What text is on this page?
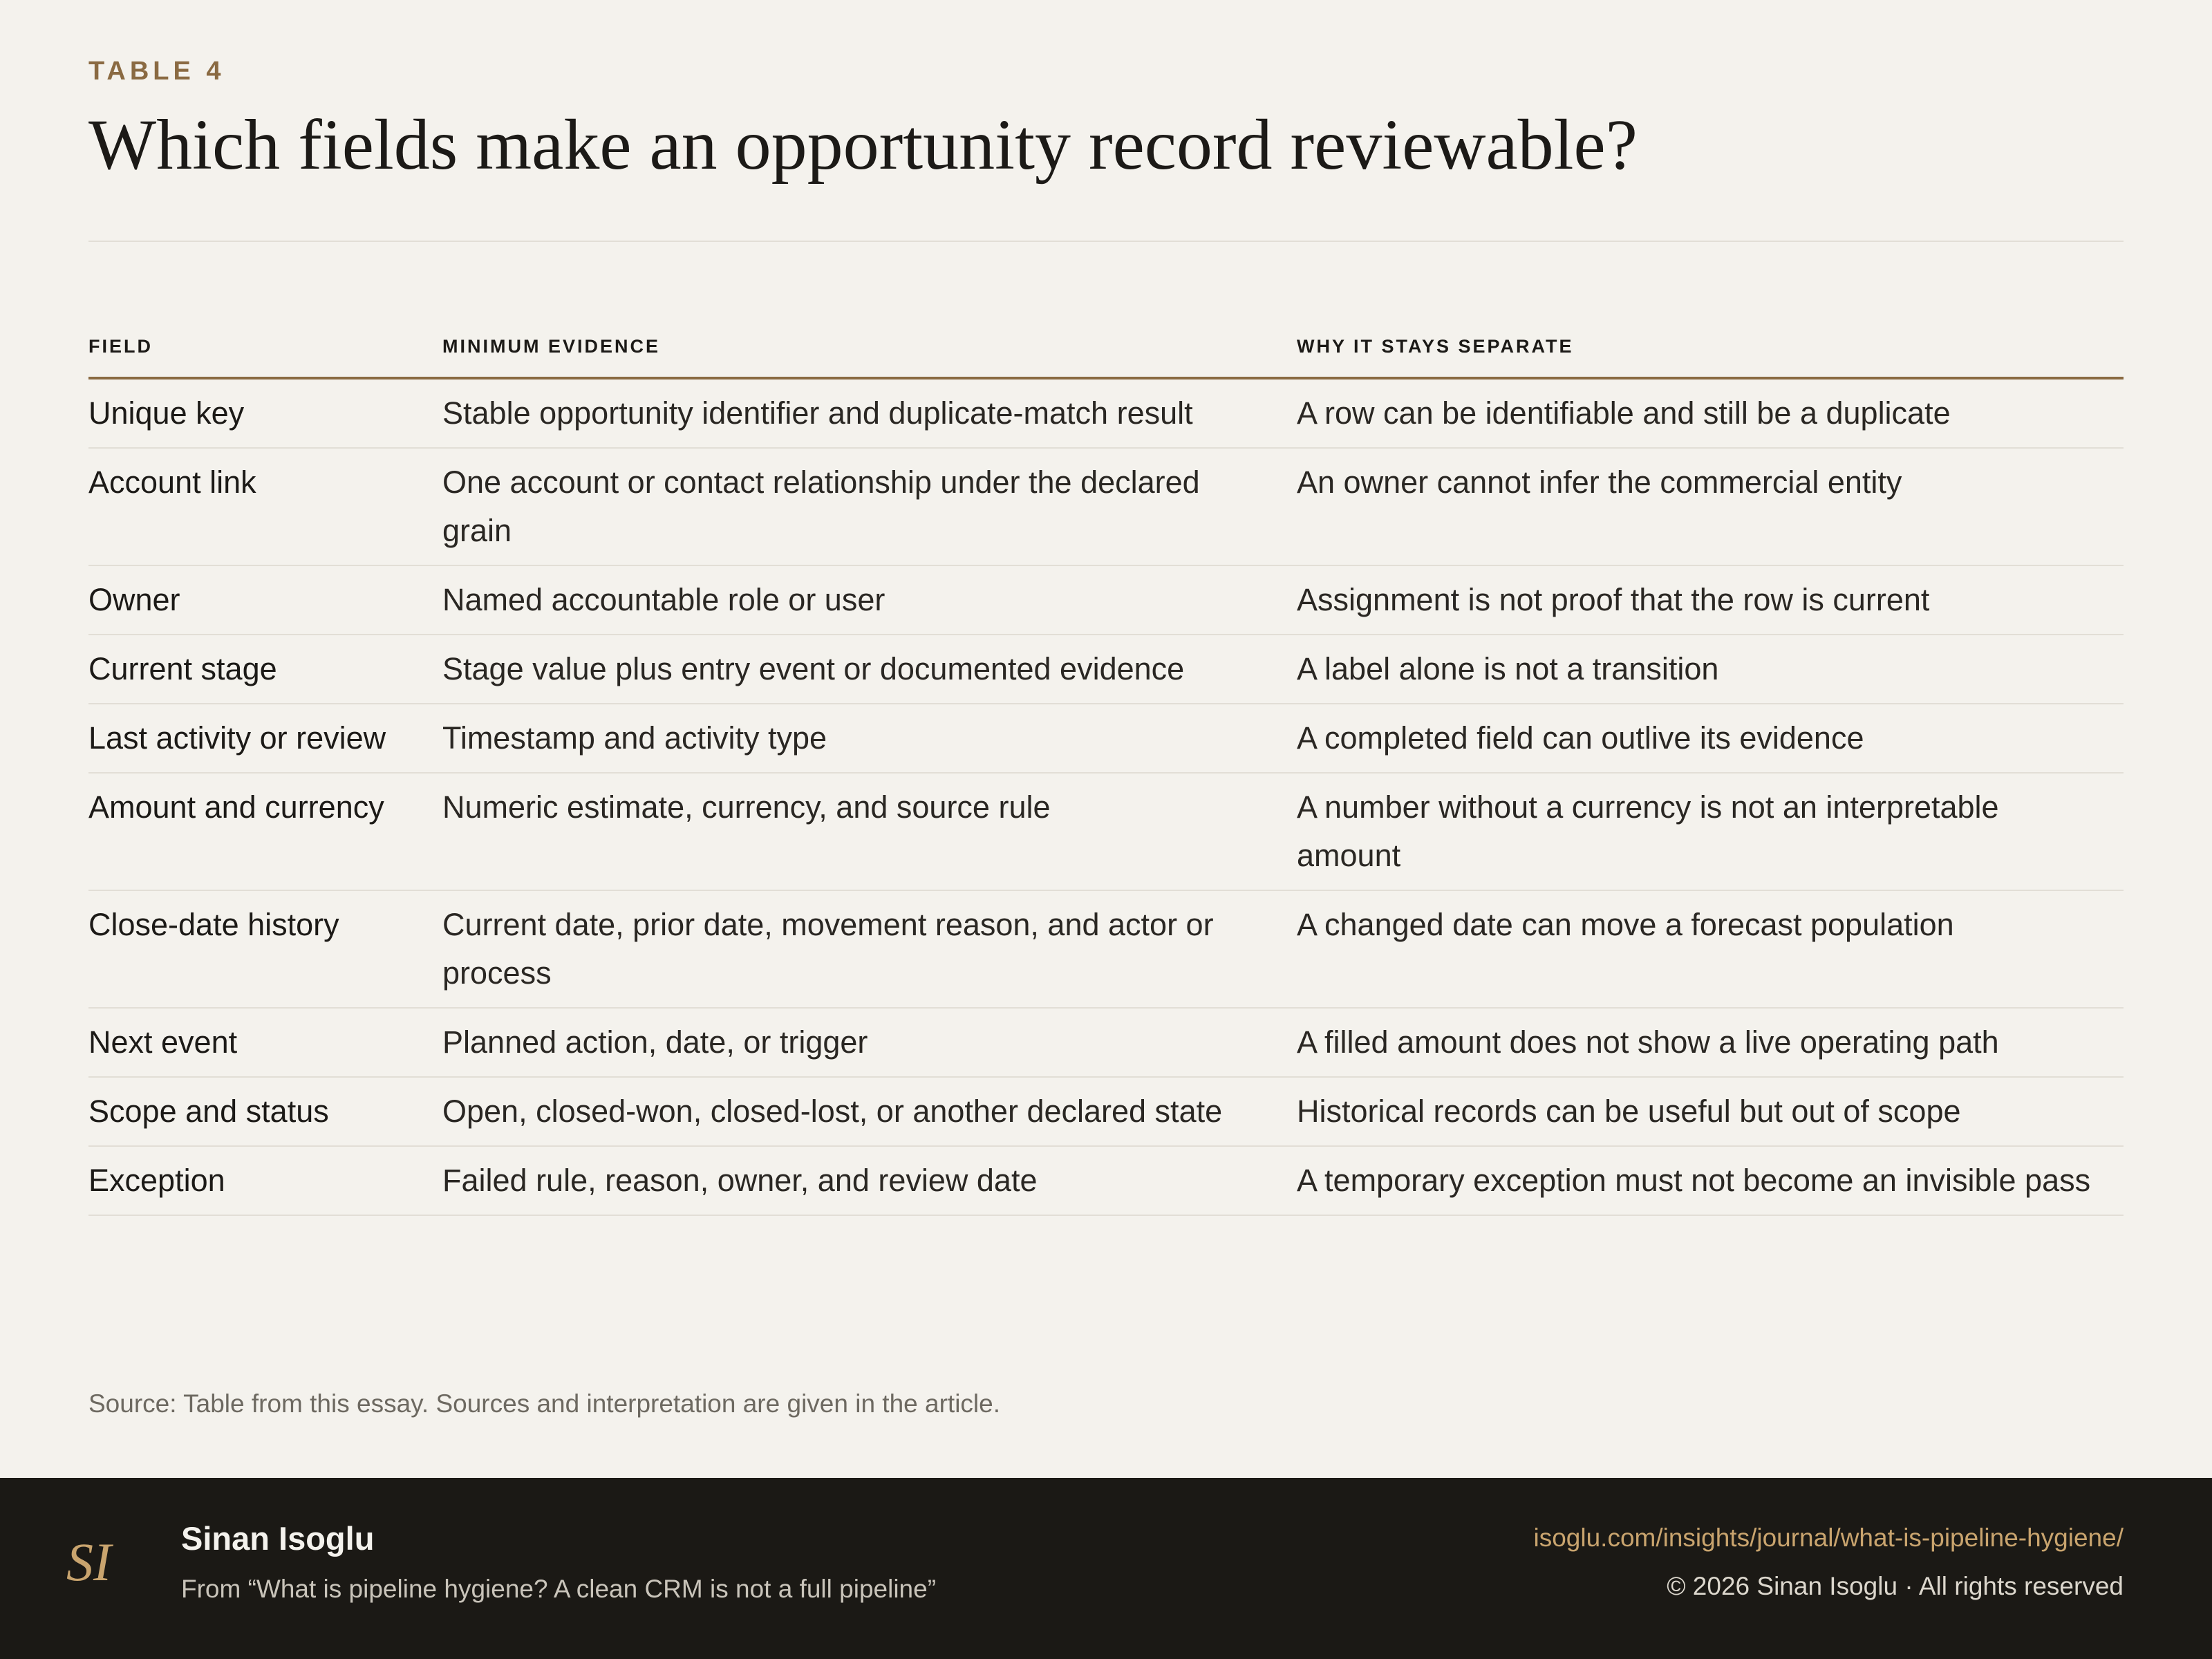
TABLE 4
Which fields make an opportunity record reviewable?
FIELD	MINIMUM EVIDENCE	WHY IT STAYS SEPARATE
Unique key	Stable opportunity identifier and duplicate-match result	A row can be identifiable and still be a duplicate
Account link	One account or contact relationship under the declared grain	An owner cannot infer the commercial entity
Owner	Named accountable role or user	Assignment is not proof that the row is current
Current stage	Stage value plus entry event or documented evidence	A label alone is not a transition
Last activity or review	Timestamp and activity type	A completed field can outlive its evidence
Amount and currency	Numeric estimate, currency, and source rule	A number without a currency is not an interpretable amount
Close-date history	Current date, prior date, movement reason, and actor or process	A changed date can move a forecast population
Next event	Planned action, date, or trigger	A filled amount does not show a live operating path
Scope and status	Open, closed-won, closed-lost, or another declared state	Historical records can be useful but out of scope
Exception	Failed rule, reason, owner, and review date	A temporary exception must not become an invisible pass
Source: Table from this essay. Sources and interpretation are given in the article.
SI Sinan Isoglu
From “What is pipeline hygiene? A clean CRM is not a full pipeline”
isoglu.com/insights/journal/what-is-pipeline-hygiene/
© 2026 Sinan Isoglu · All rights reserved
